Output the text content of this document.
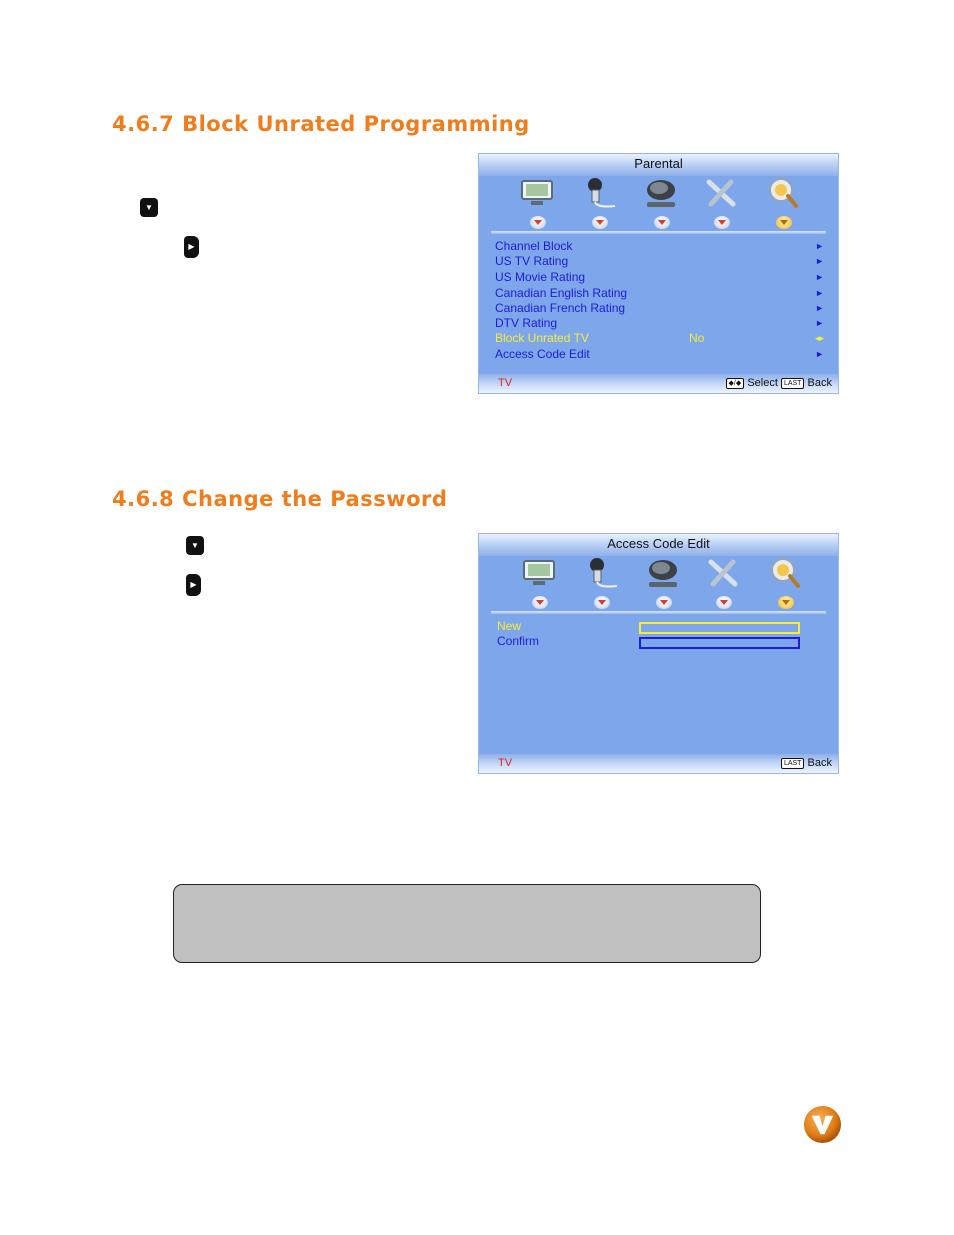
4.6.7 Block Unrated Programming
▼
▶
Parental
Channel Block	►
US TV Rating	►
US Movie Rating	►
Canadian English Rating	►
Canadian French Rating	►
DTV Rating	►
Block Unrated TV	No	◂▸
Access Code Edit	►
TV	◆/◆ Select LAST Back
4.6.8 Change the Password
▼
▶
Access Code Edit
New
Confirm
TV	LAST Back
